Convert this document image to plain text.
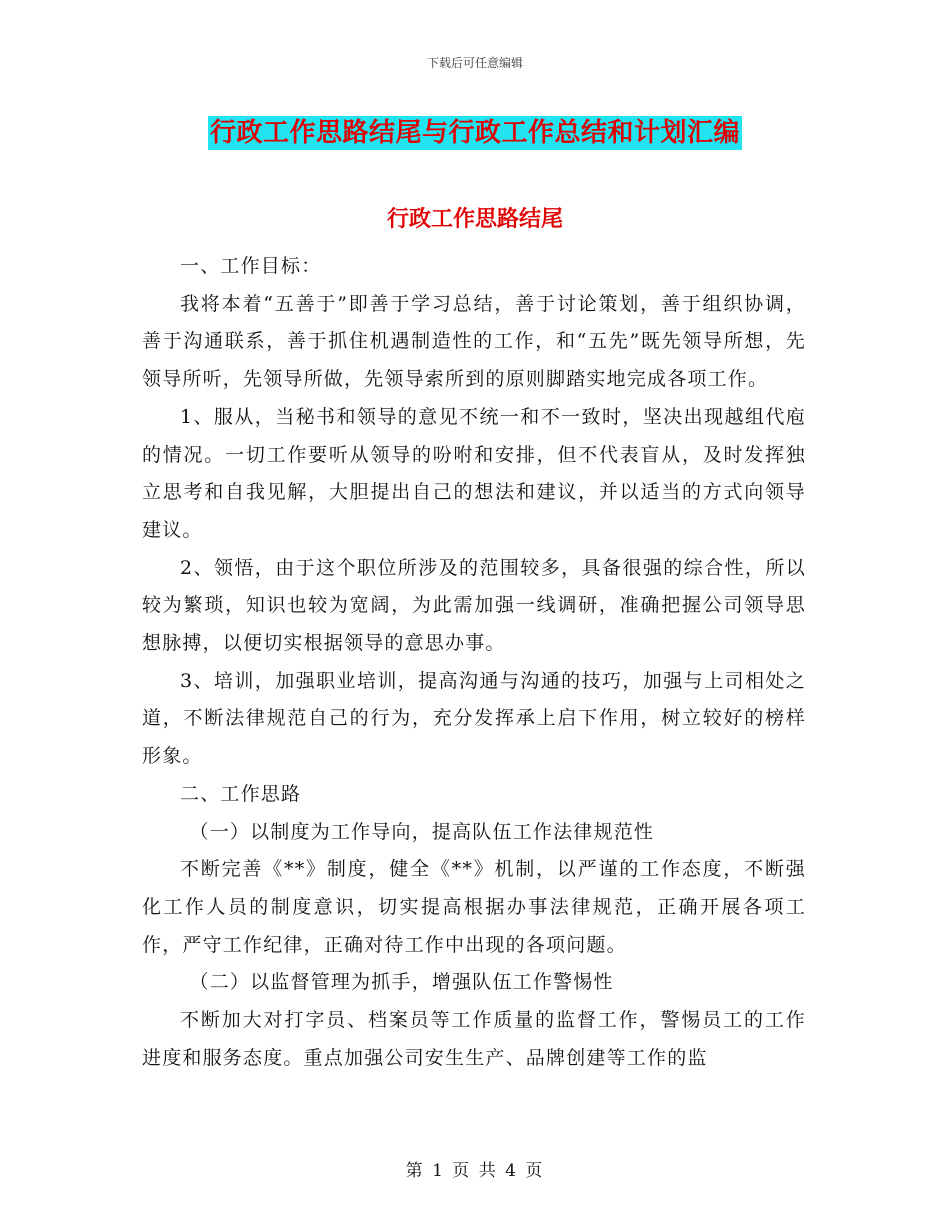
下载后可任意编辑
行政工作思路结尾与行政工作总结和计划汇编
行政工作思路结尾

一、工作目标：

我将本着“五善于”即善于学习总结，善于讨论策划，善于组织协调，善于沟通联系，善于抓住机遇制造性的工作，和“五先”既先领导所想，先领导所听，先领导所做，先领导索所到的原则脚踏实地完成各项工作。

1、服从，当秘书和领导的意见不统一和不一致时，坚决出现越组代庖的情况。一切工作要听从领导的吩咐和安排，但不代表盲从，及时发挥独立思考和自我见解，大胆提出自己的想法和建议，并以适当的方式向领导建议。

2、领悟，由于这个职位所涉及的范围较多，具备很强的综合性，所以较为繁琐，知识也较为宽阔，为此需加强一线调研，准确把握公司领导思想脉搏，以便切实根据领导的意思办事。

3、培训，加强职业培训，提高沟通与沟通的技巧，加强与上司相处之道，不断法律规范自己的行为，充分发挥承上启下作用，树立较好的榜样形象。

二、工作思路

（一）以制度为工作导向，提高队伍工作法律规范性

不断完善《**》制度，健全《**》机制，以严谨的工作态度，不断强化工作人员的制度意识，切实提高根据办事法律规范，正确开展各项工作，严守工作纪律，正确对待工作中出现的各项问题。

（二）以监督管理为抓手，增强队伍工作警惕性

不断加大对打字员、档案员等工作质量的监督工作，警惕员工的工作进度和服务态度。重点加强公司安生生产、品牌创建等工作的监

第 1 页 共 4 页
